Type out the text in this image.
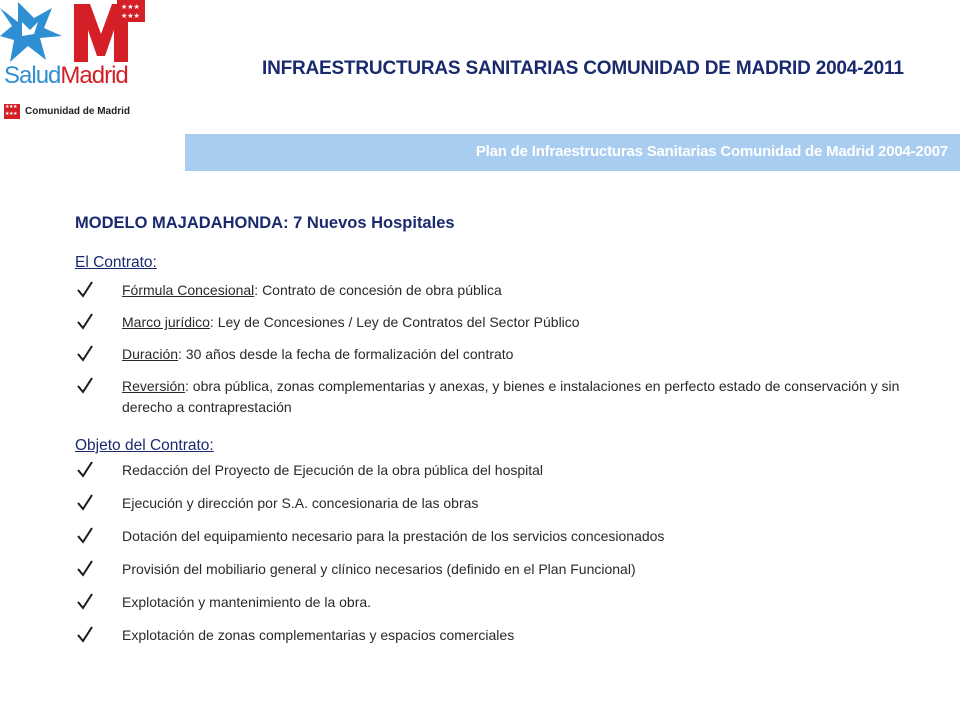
★★★
★★★
SaludMadrid
★ ★ ★
★ ★ ★ Comunidad de Madrid
INFRAESTRUCTURAS SANITARIAS COMUNIDAD DE MADRID 2004-2011
Plan de Infraestructuras Sanitarias Comunidad de Madrid 2004-2007
MODELO MAJADAHONDA: 7 Nuevos Hospitales
El Contrato:
Fórmula Concesional: Contrato de concesión de obra pública
Marco jurídico: Ley de Concesiones / Ley de Contratos del Sector Público
Duración: 30 años desde la fecha de formalización del contrato
Reversión: obra pública, zonas complementarias y anexas, y bienes e instalaciones en perfecto estado de conservación y sin derecho a contraprestación
Objeto del Contrato:
Redacción del Proyecto de Ejecución de la obra pública del hospital
Ejecución y dirección por S.A. concesionaria de las obras
Dotación del equipamiento necesario para la prestación de los servicios concesionados
Provisión del mobiliario general y clínico necesarios (definido en el Plan Funcional)
Explotación y mantenimiento de la obra.
Explotación de zonas complementarias y espacios comerciales
